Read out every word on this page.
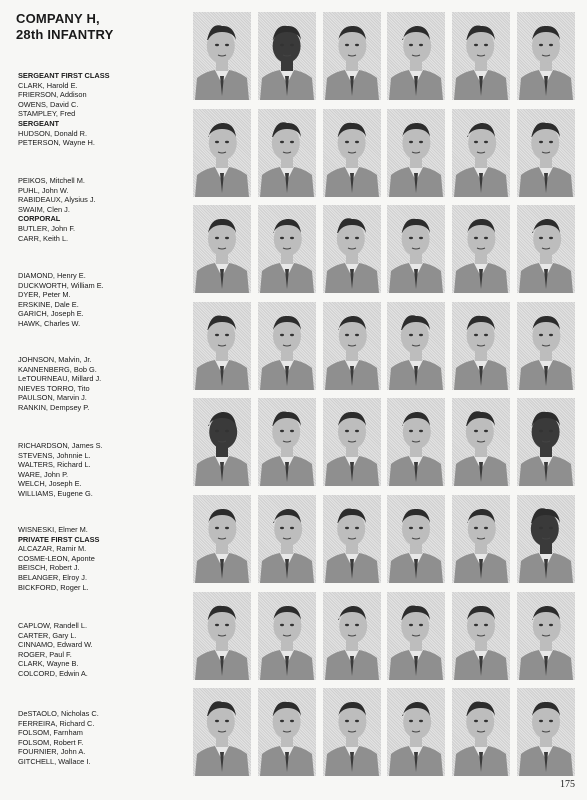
COMPANY H,
28th INFANTRY
SERGEANT FIRST CLASS
CLARK, Harold E.
FRIERSON, Addison
OWENS, David C.
STAMPLEY, Fred
SERGEANT
HUDSON, Donald R.
PETERSON, Wayne H.
PEIKOS, Mitchell M.
PUHL, John W.
RABIDEAUX, Alysius J.
SWAIM, Clen J.
CORPORAL
BUTLER, John F.
CARR, Keith L.
DIAMOND, Henry E.
DUCKWORTH, William E.
DYER, Peter M.
ERSKINE, Dale E.
GARICH, Joseph E.
HAWK, Charles W.
JOHNSON, Malvin, Jr.
KANNENBERG, Bob G.
LeTOURNEAU, Millard J.
NIEVES TORRO, Tito
PAULSON, Marvin J.
RANKIN, Dempsey P.
RICHARDSON, James S.
STEVENS, Johnnie L.
WALTERS, Richard L.
WARE, John P.
WELCH, Joseph E.
WILLIAMS, Eugene G.
WISNESKI, Elmer M.
PRIVATE FIRST CLASS
ALCAZAR, Ramir M.
COSME-LEON, Aponte
BEISCH, Robert J.
BELANGER, Elroy J.
BICKFORD, Roger L.
CAPLOW, Randell L.
CARTER, Gary L.
CINNAMO, Edward W.
ROGER, Paul F.
CLARK, Wayne B.
COLCORD, Edwin A.
DeSTAOLO, Nicholas C.
FERREIRA, Richard C.
FOLSOM, Farnham
FOLSOM, Robert F.
FOURNIER, John A.
GITCHELL, Wallace I.
175
